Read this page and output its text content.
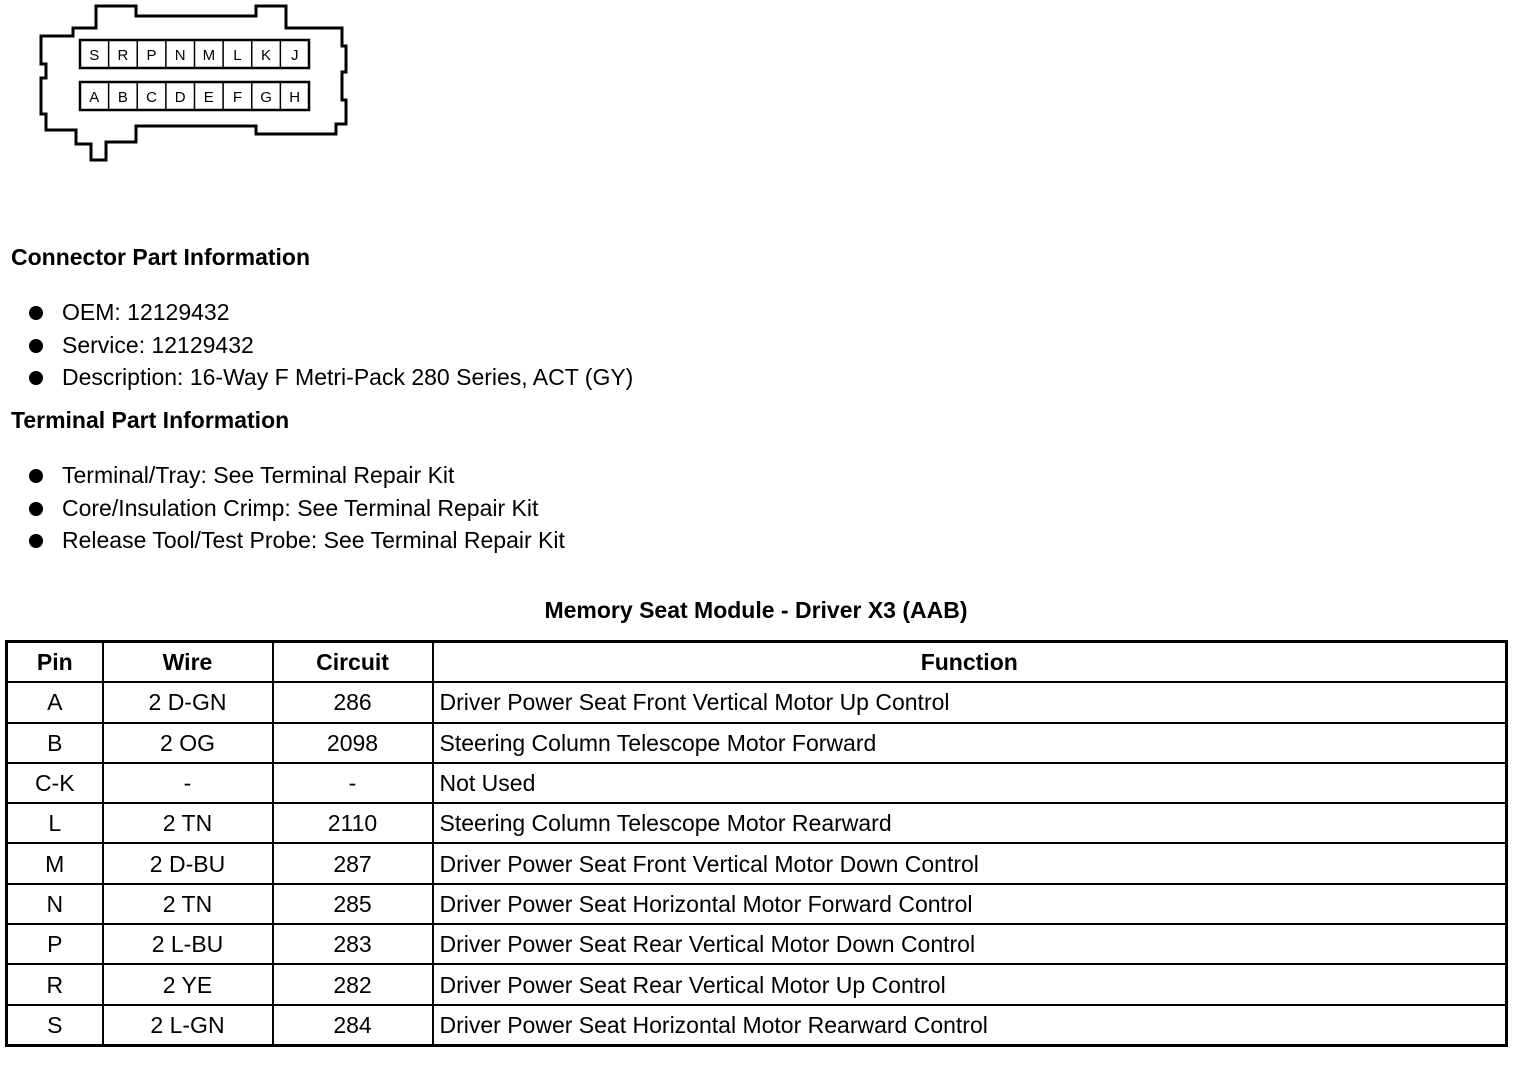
S R P N M L K J
A B C D E F G H
Connector Part Information
OEM: 12129432
Service: 12129432
Description: 16-Way F Metri-Pack 280 Series, ACT (GY)
Terminal Part Information
Terminal/Tray: See Terminal Repair Kit
Core/Insulation Crimp: See Terminal Repair Kit
Release Tool/Test Probe: See Terminal Repair Kit
Memory Seat Module - Driver X3 (AAB)
Pin	Wire	Circuit	Function
A	2 D-GN	286	Driver Power Seat Front Vertical Motor Up Control
B	2 OG	2098	Steering Column Telescope Motor Forward
C-K	-	-	Not Used
L	2 TN	2110	Steering Column Telescope Motor Rearward
M	2 D-BU	287	Driver Power Seat Front Vertical Motor Down Control
N	2 TN	285	Driver Power Seat Horizontal Motor Forward Control
P	2 L-BU	283	Driver Power Seat Rear Vertical Motor Down Control
R	2 YE	282	Driver Power Seat Rear Vertical Motor Up Control
S	2 L-GN	284	Driver Power Seat Horizontal Motor Rearward Control
